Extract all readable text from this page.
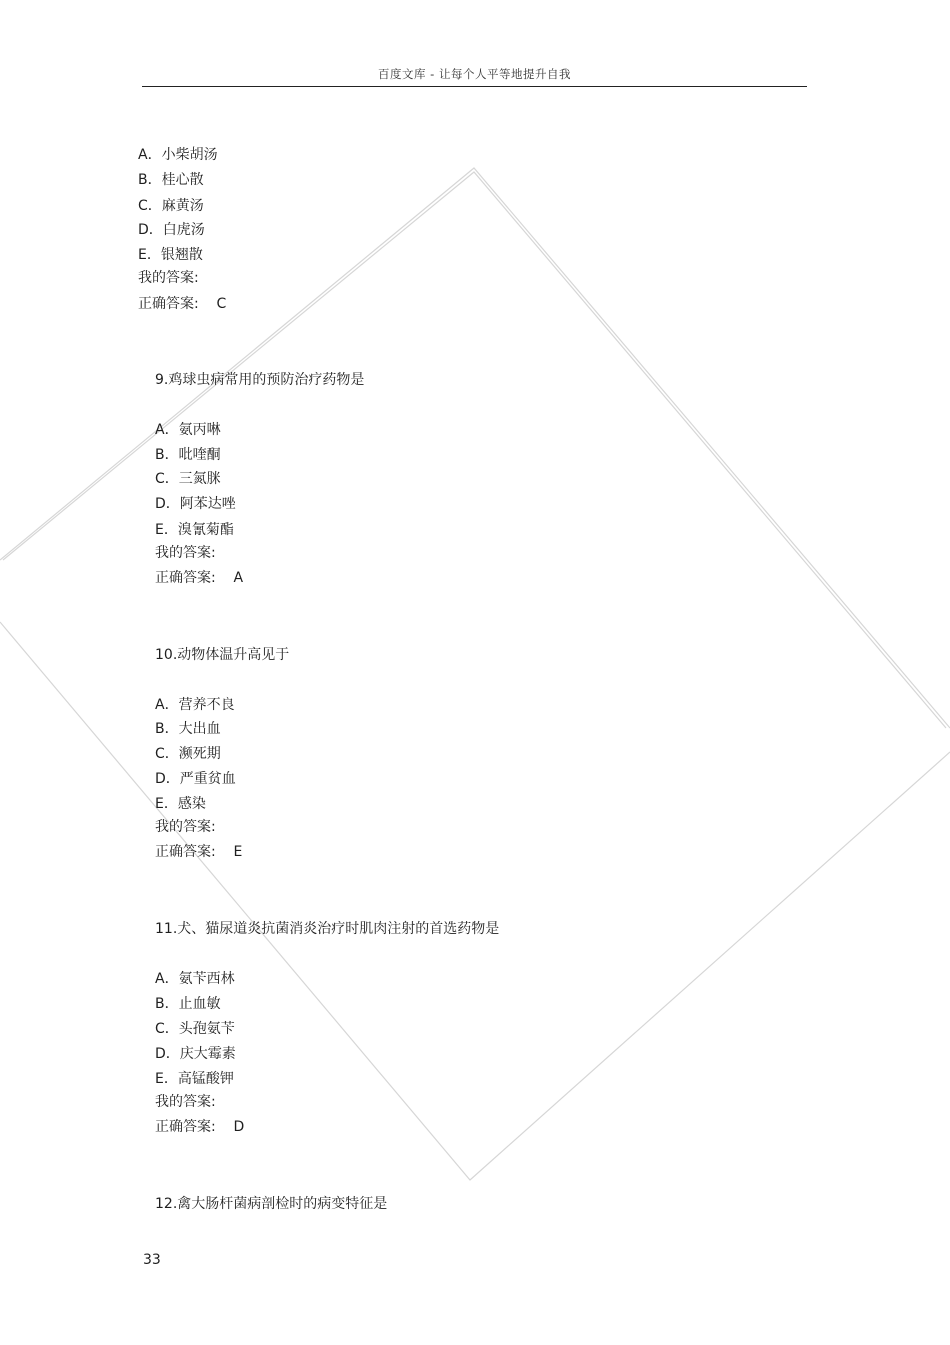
百度文库 - 让每个人平等地提升自我
A．小柴胡汤
B．桂心散
C．麻黄汤
D．白虎汤
E．银翘散
我的答案:
正确答案:    C
9.鸡球虫病常用的预防治疗药物是
A．氨丙啉
B．吡喹酮
C．三氮脒
D．阿苯达唑
E．溴氰菊酯
我的答案:
正确答案:    A
10.动物体温升高见于
A．营养不良
B．大出血
C．濒死期
D．严重贫血
E．感染
我的答案:
正确答案:    E
11.犬、猫尿道炎抗菌消炎治疗时肌肉注射的首选药物是
A．氨苄西林
B．止血敏
C．头孢氨苄
D．庆大霉素
E．高锰酸钾
我的答案:
正确答案:    D
12.禽大肠杆菌病剖检时的病变特征是
33
